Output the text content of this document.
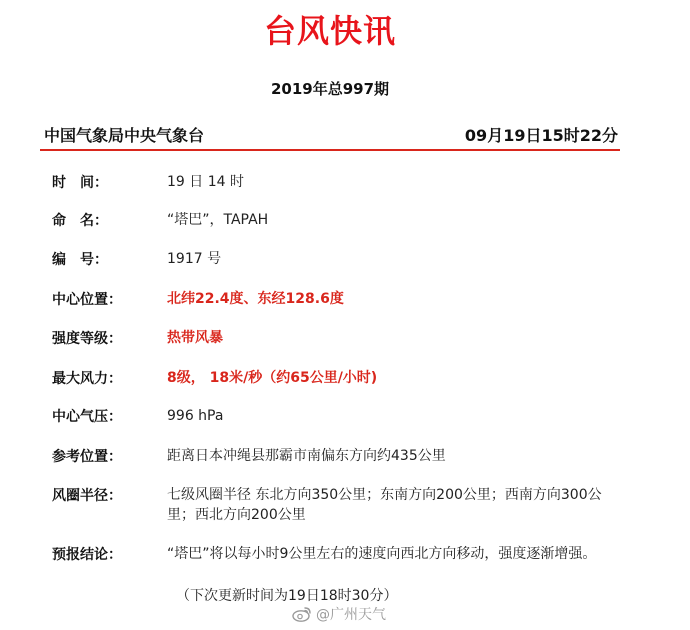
台风快讯
2019年总997期
中国气象局中央气象台	09月19日15时22分
时　间：	19 日 14 时
命　名：	“塔巴”，TAPAH
编　号：	1917 号
中心位置：	北纬22.4度、东经128.6度
强度等级：	热带风暴
最大风力：	8级， 18米/秒（约65公里/小时)
中心气压：	996 hPa
参考位置：	距离日本冲绳县那霸市南偏东方向约435公里
风圈半径：	七级风圈半径 东北方向350公里；东南方向200公里；西南方向300公里；西北方向200公里
预报结论：	“塔巴”将以每小时9公里左右的速度向西北方向移动，强度逐渐增强。
（下次更新时间为19日18时30分）
@广州天气
